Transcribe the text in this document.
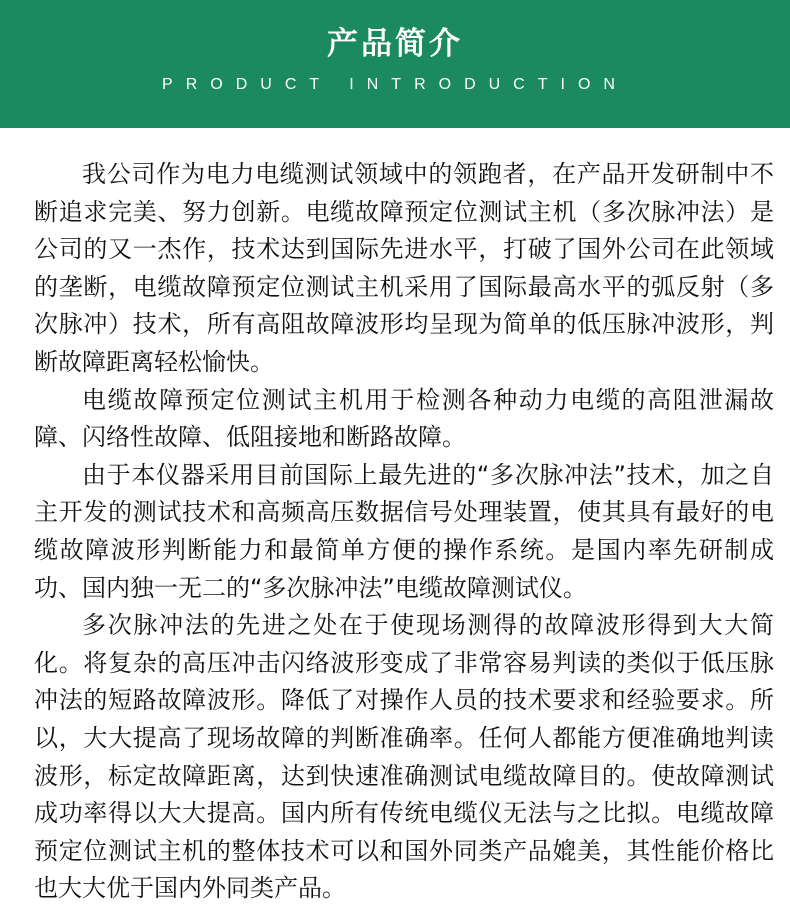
产品简介
PRODUCT INTRODUCTION

我公司作为电力电缆测试领域中的领跑者，在产品开发研制中不断追求完美、努力创新。电缆故障预定位测试主机（多次脉冲法）是公司的又一杰作，技术达到国际先进水平，打破了国外公司在此领域的垄断，电缆故障预定位测试主机采用了国际最高水平的弧反射（多次脉冲）技术，所有高阻故障波形均呈现为简单的低压脉冲波形，判断故障距离轻松愉快。

电缆故障预定位测试主机用于检测各种动力电缆的高阻泄漏故障、闪络性故障、低阻接地和断路故障。

由于本仪器采用目前国际上最先进的“多次脉冲法”技术，加之自主开发的测试技术和高频高压数据信号处理装置，使其具有最好的电缆故障波形判断能力和最简单方便的操作系统。是国内率先研制成功、国内独一无二的“多次脉冲法”电缆故障测试仪。

多次脉冲法的先进之处在于使现场测得的故障波形得到大大简化。将复杂的高压冲击闪络波形变成了非常容易判读的类似于低压脉冲法的短路故障波形。降低了对操作人员的技术要求和经验要求。所以，大大提高了现场故障的判断准确率。任何人都能方便准确地判读波形，标定故障距离，达到快速准确测试电缆故障目的。使故障测试成功率得以大大提高。国内所有传统电缆仪无法与之比拟。电缆故障预定位测试主机的整体技术可以和国外同类产品媲美，其性能价格比也大大优于国内外同类产品。
